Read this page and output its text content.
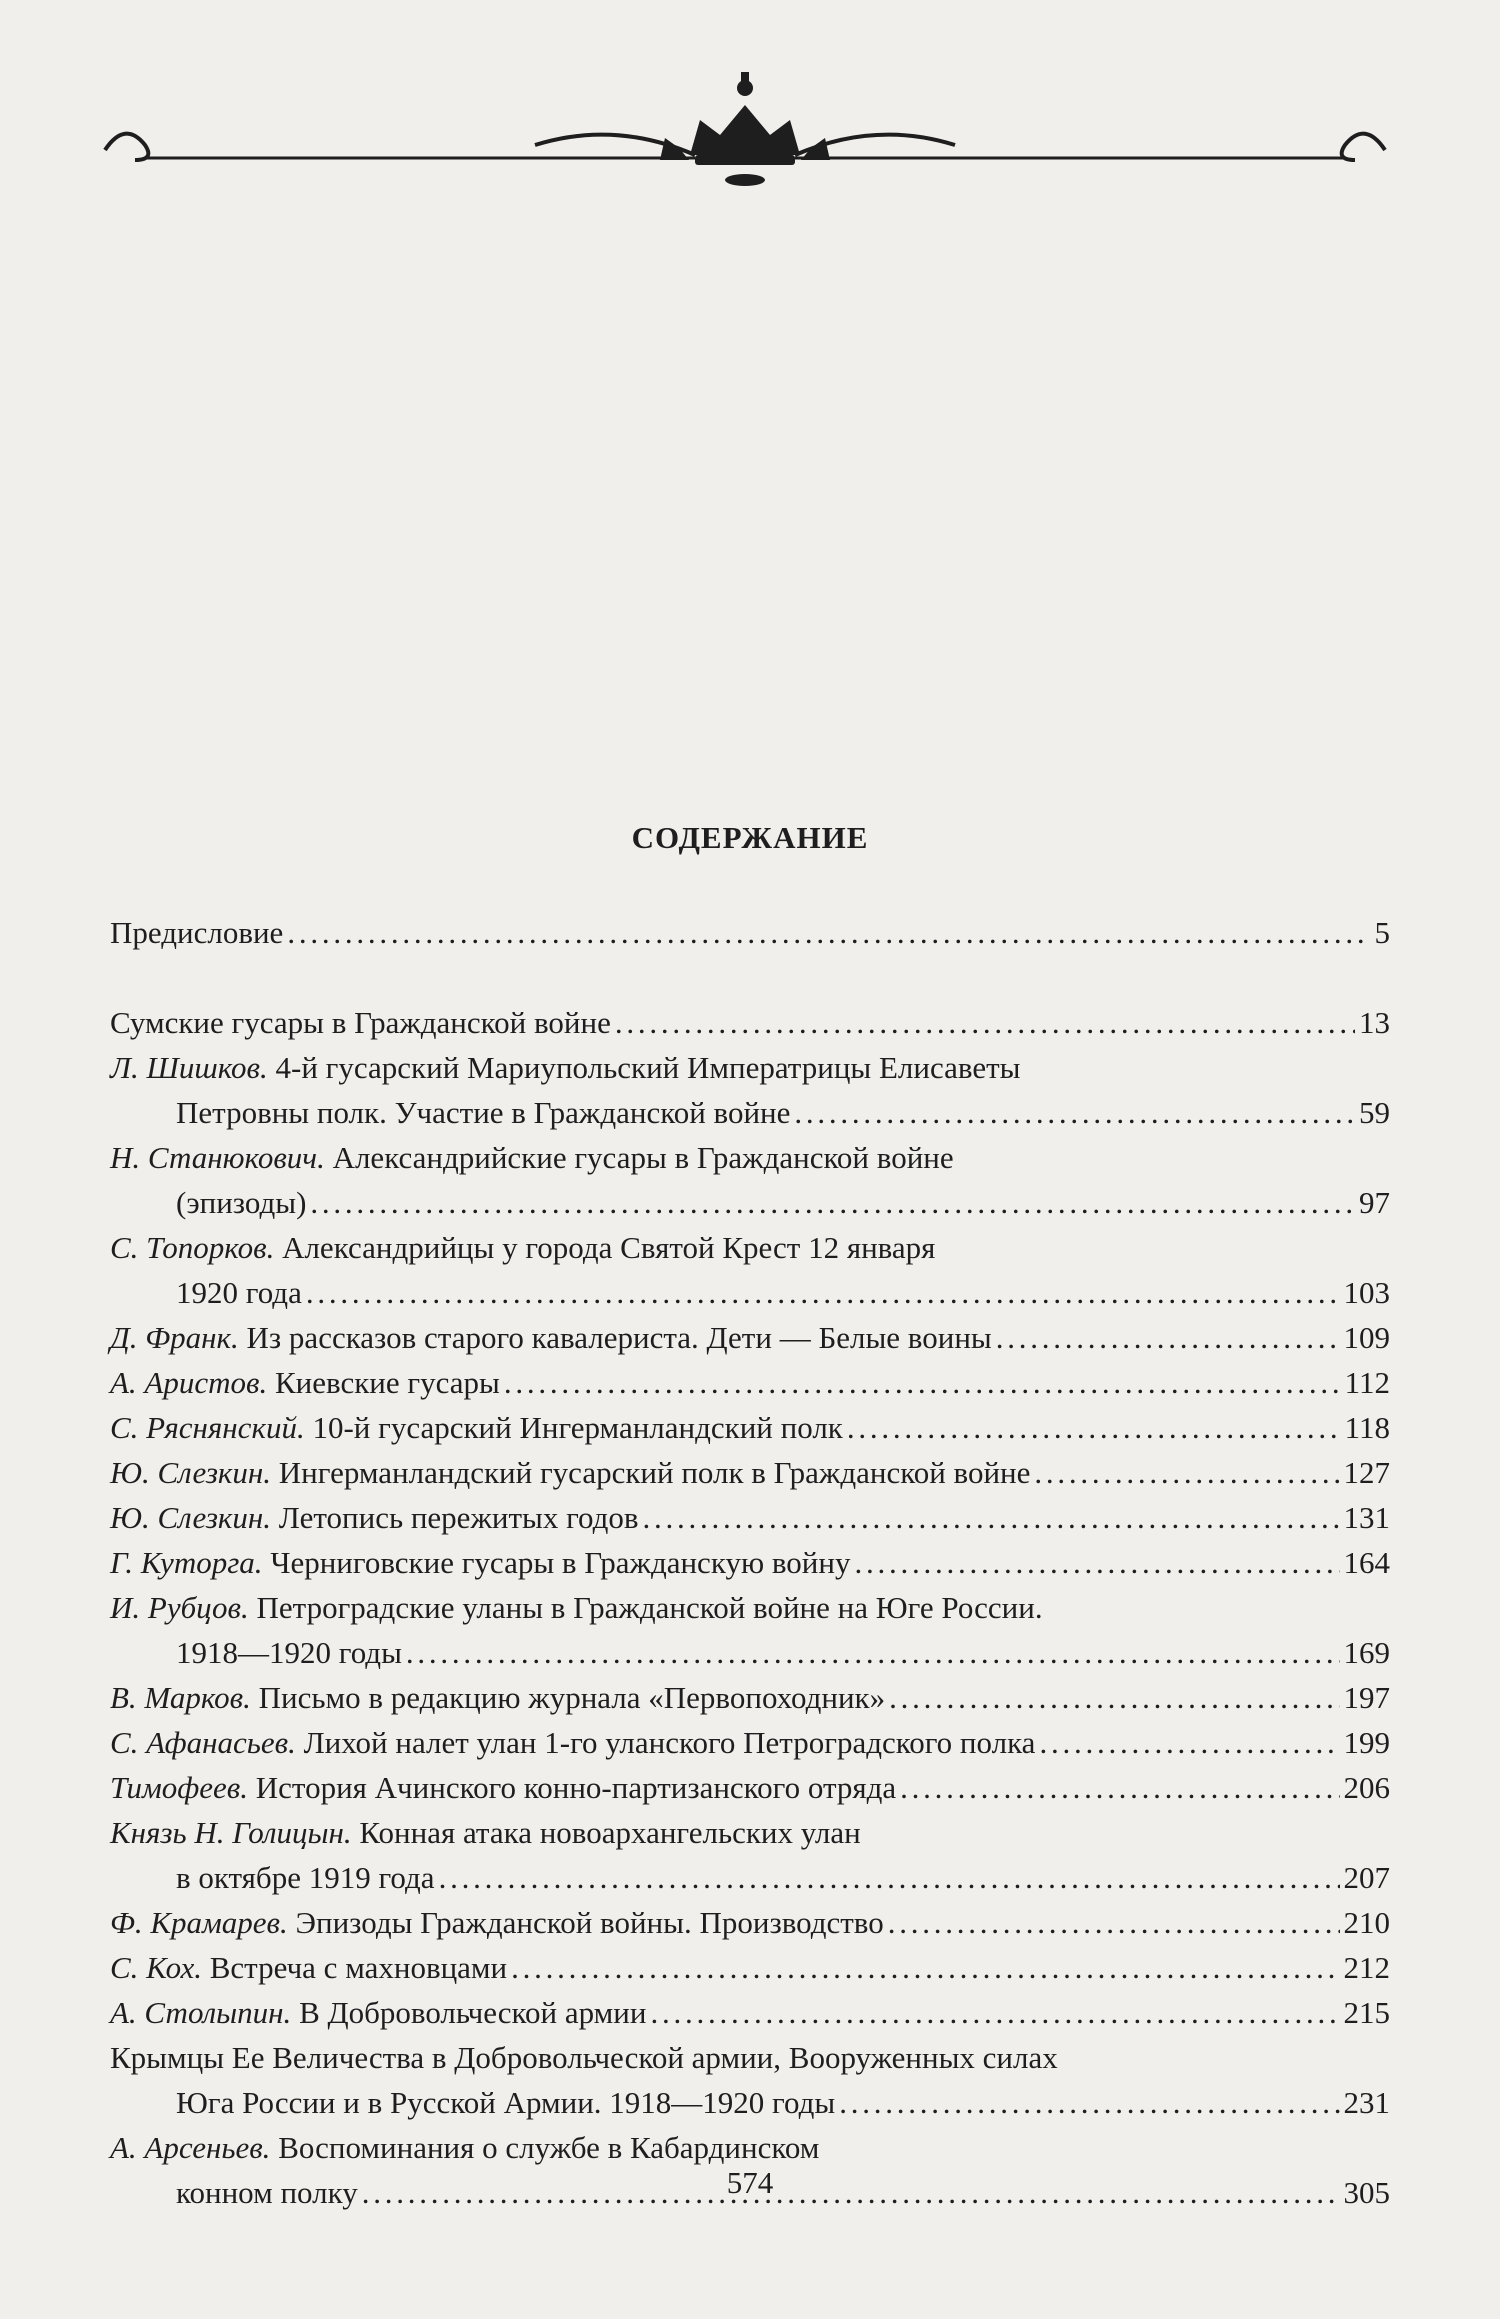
СОДЕРЖАНИЕ
Предисловие . . .	5
Сумские гусары в Гражданской войне . . .	13
Л. Шишков.
4-й гусарский Мариупольский Императрицы Елисаветы
Петровны полк. Участие в Гражданской войне . . .	59
Н. Станюкович.
Александрийские гусары в Гражданской войне
(эпизоды) . . .	97
С. Топорков.
Александрийцы у города Святой Крест 12 января
1920 года . . .	103
Д. Франк.
Из рассказов старого кавалериста. Дети — Белые воины . . .	109
А. Аристов.
Киевские гусары . . .	112
С. Ряснянский.
10-й гусарский Ингерманландский полк . . .	118
Ю. Слезкин.
Ингерманландский гусарский полк в Гражданской войне . . .	127
Ю. Слезкин.
Летопись пережитых годов . . .	131
Г. Куторга.
Черниговские гусары в Гражданскую войну . . .	164
И. Рубцов.
Петроградские уланы в Гражданской войне на Юге России.
1918—1920 годы . . .	169
В. Марков.
Письмо в редакцию журнала «Первопоходник» . . .	197
С. Афанасьев.
Лихой налет улан 1-го уланского Петроградского полка . . .	199
Тимофеев.
История Ачинского конно-партизанского отряда . . .	206
Князь Н. Голицын.
Конная атака новоархангельских улан
в октябре 1919 года . . .	207
Ф. Крамарев.
Эпизоды Гражданской войны. Производство . . .	210
С. Кох.
Встреча с махновцами . . .	212
А. Столыпин.
В Добровольческой армии . . .	215
Крымцы Ее Величества в Добровольческой армии, Вооруженных силах
Юга России и в Русской Армии. 1918—1920 годы . . .	231
А. Арсеньев.
Воспоминания о службе в Кабардинском
конном полку . . .	305
574
